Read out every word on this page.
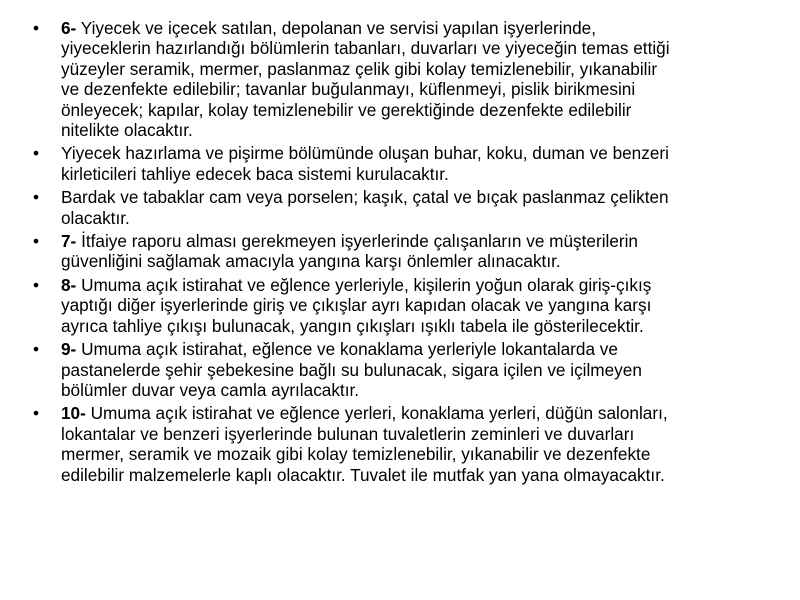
•	6- Yiyecek ve içecek satılan, depolanan ve servisi yapılan işyerlerinde, yiyeceklerin hazırlandığı bölümlerin tabanları, duvarları ve yiyeceğin temas ettiği yüzeyler seramik, mermer, paslanmaz çelik gibi kolay temizlenebilir, yıkanabilir ve dezenfekte edilebilir; tavanlar buğulanmayı, küflenmeyi, pislik birikmesini önleyecek; kapılar, kolay temizlenebilir ve gerektiğinde dezenfekte edilebilir nitelikte olacaktır.
•	Yiyecek hazırlama ve pişirme bölümünde oluşan buhar, koku, duman ve benzeri kirleticileri tahliye edecek baca sistemi kurulacaktır.
•	Bardak ve tabaklar cam veya porselen; kaşık, çatal ve bıçak paslanmaz çelikten olacaktır.
•	7- İtfaiye raporu alması gerekmeyen işyerlerinde çalışanların ve müşterilerin güvenliğini sağlamak amacıyla yangına karşı önlemler alınacaktır.
•	8- Umuma açık istirahat ve eğlence yerleriyle, kişilerin yoğun olarak giriş-çıkış yaptığı diğer işyerlerinde giriş ve çıkışlar ayrı kapıdan olacak ve yangına karşı ayrıca tahliye çıkışı bulunacak, yangın çıkışları ışıklı tabela ile gösterilecektir.
•	9- Umuma açık istirahat, eğlence ve konaklama yerleriyle lokantalarda ve pastanelerde şehir şebekesine bağlı su bulunacak, sigara içilen ve içilmeyen bölümler duvar veya camla ayrılacaktır.
•	10- Umuma açık istirahat ve eğlence yerleri, konaklama yerleri, düğün salonları, lokantalar ve benzeri işyerlerinde bulunan tuvaletlerin zeminleri ve duvarları mermer, seramik ve mozaik gibi kolay temizlenebilir, yıkanabilir ve dezenfekte edilebilir malzemelerle kaplı olacaktır. Tuvalet ile mutfak yan yana olmayacaktır.
